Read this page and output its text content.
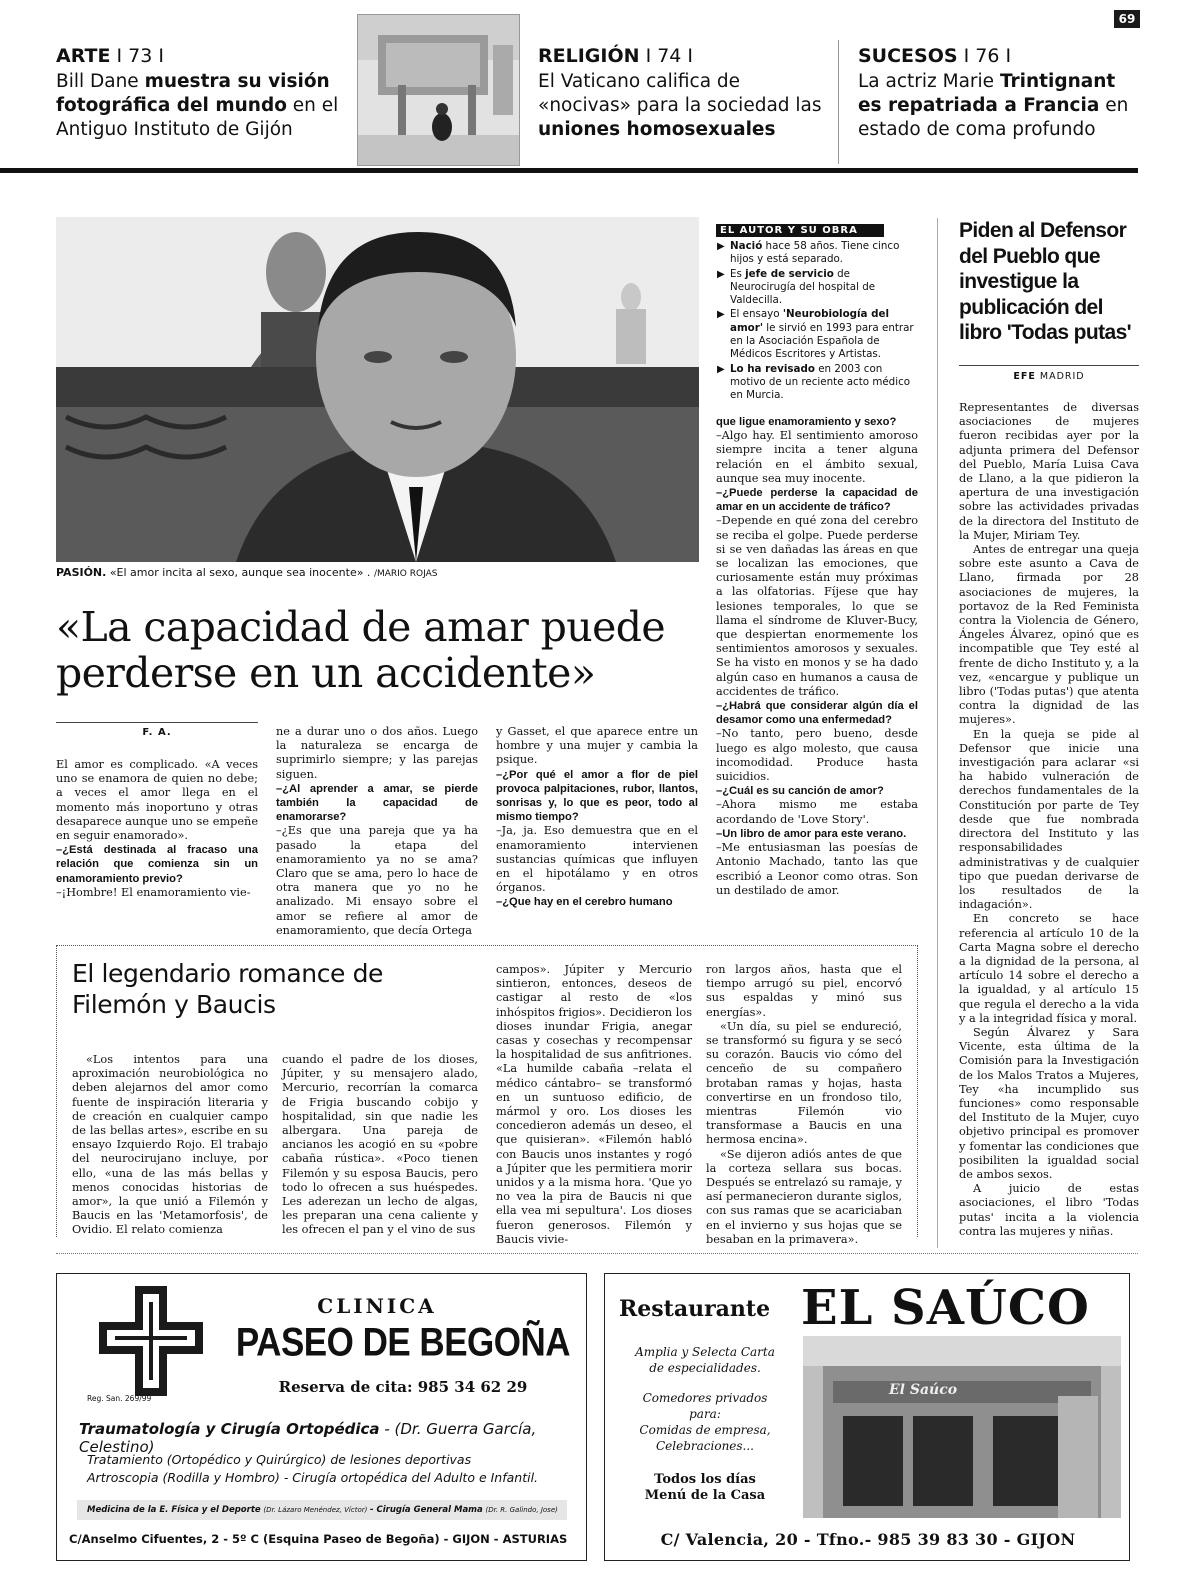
69
ARTE I 73 I
Bill Dane muestra su visión fotográfica del mundo en el Antiguo Instituto de Gijón
RELIGIÓN I 74 I
El Vaticano califica de «nocivas» para la sociedad las uniones homosexuales
SUCESOS I 76 I
La actriz Marie Trintignant es repatriada a Francia en estado de coma profundo
PASIÓN. «El amor incita al sexo, aunque sea inocente» . /MARIO ROJAS
«La capacidad de amar puede perderse en un accidente»
F. A.

El amor es complicado. «A veces uno se enamora de quien no debe; a veces el amor llega en el momento más inoportuno y otras desaparece aunque uno se empeñe en seguir enamorado».

–¿Está destinada al fracaso una relación que comienza sin un enamoramiento previo?

–¡Hombre! El enamoramiento vie-

ne a durar uno o dos años. Luego la naturaleza se encarga de suprimirlo siempre; y las parejas siguen.

–¿Al aprender a amar, se pierde también la capacidad de enamorarse?

–¿Es que una pareja que ya ha pasado la etapa del enamoramiento ya no se ama? Claro que se ama, pero lo hace de otra manera que yo no he analizado. Mi ensayo sobre el amor se refiere al amor de enamoramiento, que decía Ortega

y Gasset, el que aparece entre un hombre y una mujer y cambia la psique.

–¿Por qué el amor a flor de piel provoca palpitaciones, rubor, llantos, sonrisas y, lo que es peor, todo al mismo tiempo?

–Ja, ja. Eso demuestra que en el enamoramiento intervienen sustancias químicas que influyen en el hipotálamo y en otros órganos.

–¿Que hay en el cerebro humano

que ligue enamoramiento y sexo?

–Algo hay. El sentimiento amoroso siempre incita a tener alguna relación en el ámbito sexual, aunque sea muy inocente.

–¿Puede perderse la capacidad de amar en un accidente de tráfico?

–Depende en qué zona del cerebro se reciba el golpe. Puede perderse si se ven dañadas las áreas en que se localizan las emociones, que curiosamente están muy próximas a las olfatorias. Fíjese que hay lesiones temporales, lo que se llama el síndrome de Kluver-Bucy, que despiertan enormemente los sentimientos amorosos y sexuales. Se ha visto en monos y se ha dado algún caso en humanos a causa de accidentes de tráfico.

–¿Habrá que considerar algún día el desamor como una enfermedad?

–No tanto, pero bueno, desde luego es algo molesto, que causa incomodidad. Produce hasta suicidios.

–¿Cuál es su canción de amor?

–Ahora mismo me estaba acordando de 'Love Story'.

–Un libro de amor para este verano.

–Me entusiasman las poesías de Antonio Machado, tanto las que escribió a Leonor como otras. Son un destilado de amor.

EL AUTOR Y SU OBRA
▶ Nació hace 58 años. Tiene cinco hijos y está separado.
▶ Es jefe de servicio de Neurocirugía del hospital de Valdecilla.
▶ El ensayo 'Neurobiología del amor' le sirvió en 1993 para entrar en la Asociación Española de Médicos Escritores y Artistas.
▶ Lo ha revisado en 2003 con motivo de un reciente acto médico en Murcia.
Piden al Defensor del Pueblo que investigue la publicación del libro 'Todas putas'
EFE MADRID

Representantes de diversas asociaciones de mujeres fueron recibidas ayer por la adjunta primera del Defensor del Pueblo, María Luisa Cava de Llano, a la que pidieron la apertura de una investigación sobre las actividades privadas de la directora del Instituto de la Mujer, Miriam Tey.

Antes de entregar una queja sobre este asunto a Cava de Llano, firmada por 28 asociaciones de mujeres, la portavoz de la Red Feminista contra la Violencia de Género, Ángeles Álvarez, opinó que es incompatible que Tey esté al frente de dicho Instituto y, a la vez, «encargue y publique un libro ('Todas putas') que atenta contra la dignidad de las mujeres».

En la queja se pide al Defensor que inicie una investigación para aclarar «si ha habido vulneración de derechos fundamentales de la Constitución por parte de Tey desde que fue nombrada directora del Instituto y las responsabilidades administrativas y de cualquier tipo que puedan derivarse de los resultados de la indagación».

En concreto se hace referencia al artículo 10 de la Carta Magna sobre el derecho a la dignidad de la persona, al artículo 14 sobre el derecho a la igualdad, y al artículo 15 que regula el derecho a la vida y a la integridad física y moral.

Según Álvarez y Sara Vicente, esta última de la Comisión para la Investigación de los Malos Tratos a Mujeres, Tey «ha incumplido sus funciones» como responsable del Instituto de la Mujer, cuyo objetivo principal es promover y fomentar las condiciones que posibiliten la igualdad social de ambos sexos.

A juicio de estas asociaciones, el libro 'Todas putas' incita a la violencia contra las mujeres y niñas.

El legendario romance de Filemón y Baucis

«Los intentos para una aproximación neurobiológica no deben alejarnos del amor como fuente de inspiración literaria y de creación en cualquier campo de las bellas artes», escribe en su ensayo Izquierdo Rojo. El trabajo del neurocirujano incluye, por ello, «una de las más bellas y menos conocidas historias de amor», la que unió a Filemón y Baucis en las 'Metamorfosis', de Ovidio. El relato comienza

cuando el padre de los dioses, Júpiter, y su mensajero alado, Mercurio, recorrían la comarca de Frigia buscando cobijo y hospitalidad, sin que nadie les albergara. Una pareja de ancianos les acogió en su «pobre cabaña rústica». «Poco tienen Filemón y su esposa Baucis, pero todo lo ofrecen a sus huéspedes. Les aderezan un lecho de algas, les preparan una cena caliente y les ofrecen el pan y el vino de sus

campos». Júpiter y Mercurio sintieron, entonces, deseos de castigar al resto de «los inhóspitos frigios». Decidieron los dioses inundar Frigia, anegar casas y cosechas y recompensar la hospitalidad de sus anfitriones. «La humilde cabaña –relata el médico cántabro– se transformó en un suntuoso edificio, de mármol y oro. Los dioses les concedieron además un deseo, el que quisieran». «Filemón habló con Baucis unos instantes y rogó a Júpiter que les permitiera morir unidos y a la misma hora. 'Que yo no vea la pira de Baucis ni que ella vea mi sepultura'. Los dioses fueron generosos. Filemón y Baucis vivie-

ron largos años, hasta que el tiempo arrugó su piel, encorvó sus espaldas y minó sus energías».

«Un día, su piel se endureció, se transformó su figura y se secó su corazón. Baucis vio cómo del cenceño de su compañero brotaban ramas y hojas, hasta convertirse en un frondoso tilo, mientras Filemón vio transformase a Baucis en una hermosa encina».

«Se dijeron adiós antes de que la corteza sellara sus bocas. Después se entrelazó su ramaje, y así permanecieron durante siglos, con sus ramas que se acariciaban en el invierno y sus hojas que se besaban en la primavera».

CLINICA
PASEO DE BEGOÑA
Reg. San. 269/99
Reserva de cita: 985 34 62 29
Traumatología y Cirugía Ortopédica - (Dr. Guerra García, Celestino)
Tratamiento (Ortopédico y Quirúrgico) de lesiones deportivas
Artroscopia (Rodilla y Hombro) - Cirugía ortopédica del Adulto e Infantil.
Medicina de la E. Física y el Deporte (Dr. Lázaro Menéndez, Víctor) - Cirugía General Mama (Dr. R. Galindo, Jose)
C/Anselmo Cifuentes, 2 - 5º C (Esquina Paseo de Begoña) - GIJON - ASTURIAS
Restaurante EL SAÚCO
Amplia y Selecta Carta
de especialidades.
Comedores privados
para:
Comidas de empresa,
Celebraciones...
Todos los días
Menú de la Casa
El Saúco
C/ Valencia, 20 - Tfno.- 985 39 83 30 - GIJON
